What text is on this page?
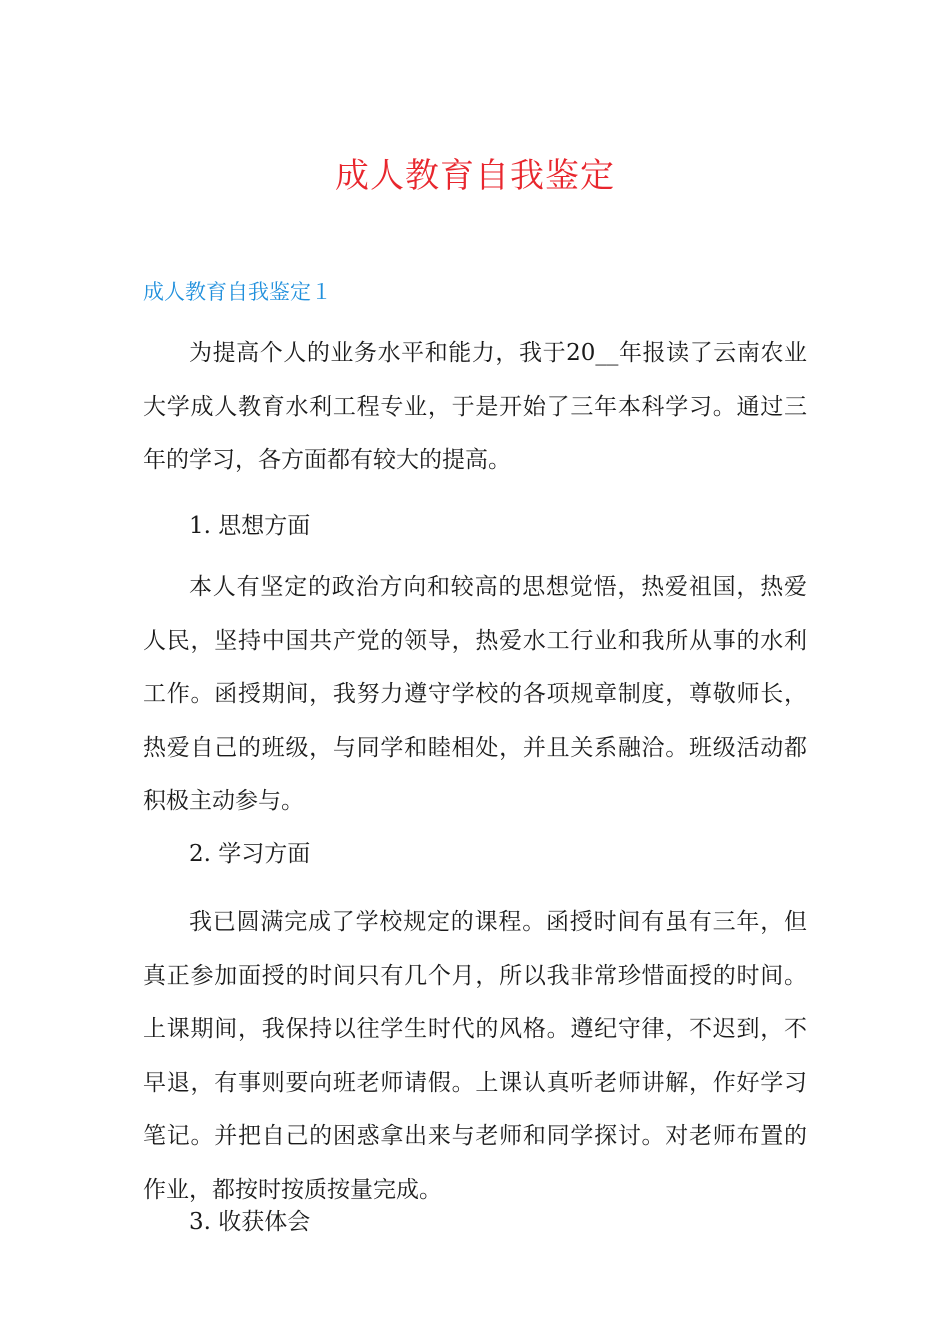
成人教育自我鉴定
成人教育自我鉴定１

为提高个人的业务水平和能力，我于20__年报读了云南农业大学成人教育水利工程专业，于是开始了三年本科学习。通过三年的学习，各方面都有较大的提高。

1. 思想方面

本人有坚定的政治方向和较高的思想觉悟，热爱祖国，热爱人民，坚持中国共产党的领导，热爱水工行业和我所从事的水利工作。函授期间，我努力遵守学校的各项规章制度，尊敬师长，热爱自己的班级，与同学和睦相处，并且关系融洽。班级活动都积极主动参与。

2. 学习方面

我已圆满完成了学校规定的课程。函授时间有虽有三年，但真正参加面授的时间只有几个月，所以我非常珍惜面授的时间。上课期间，我保持以往学生时代的风格。遵纪守律，不迟到，不早退，有事则要向班老师请假。上课认真听老师讲解，作好学习笔记。并把自己的困惑拿出来与老师和同学探讨。对老师布置的作业，都按时按质按量完成。

3. 收获体会
